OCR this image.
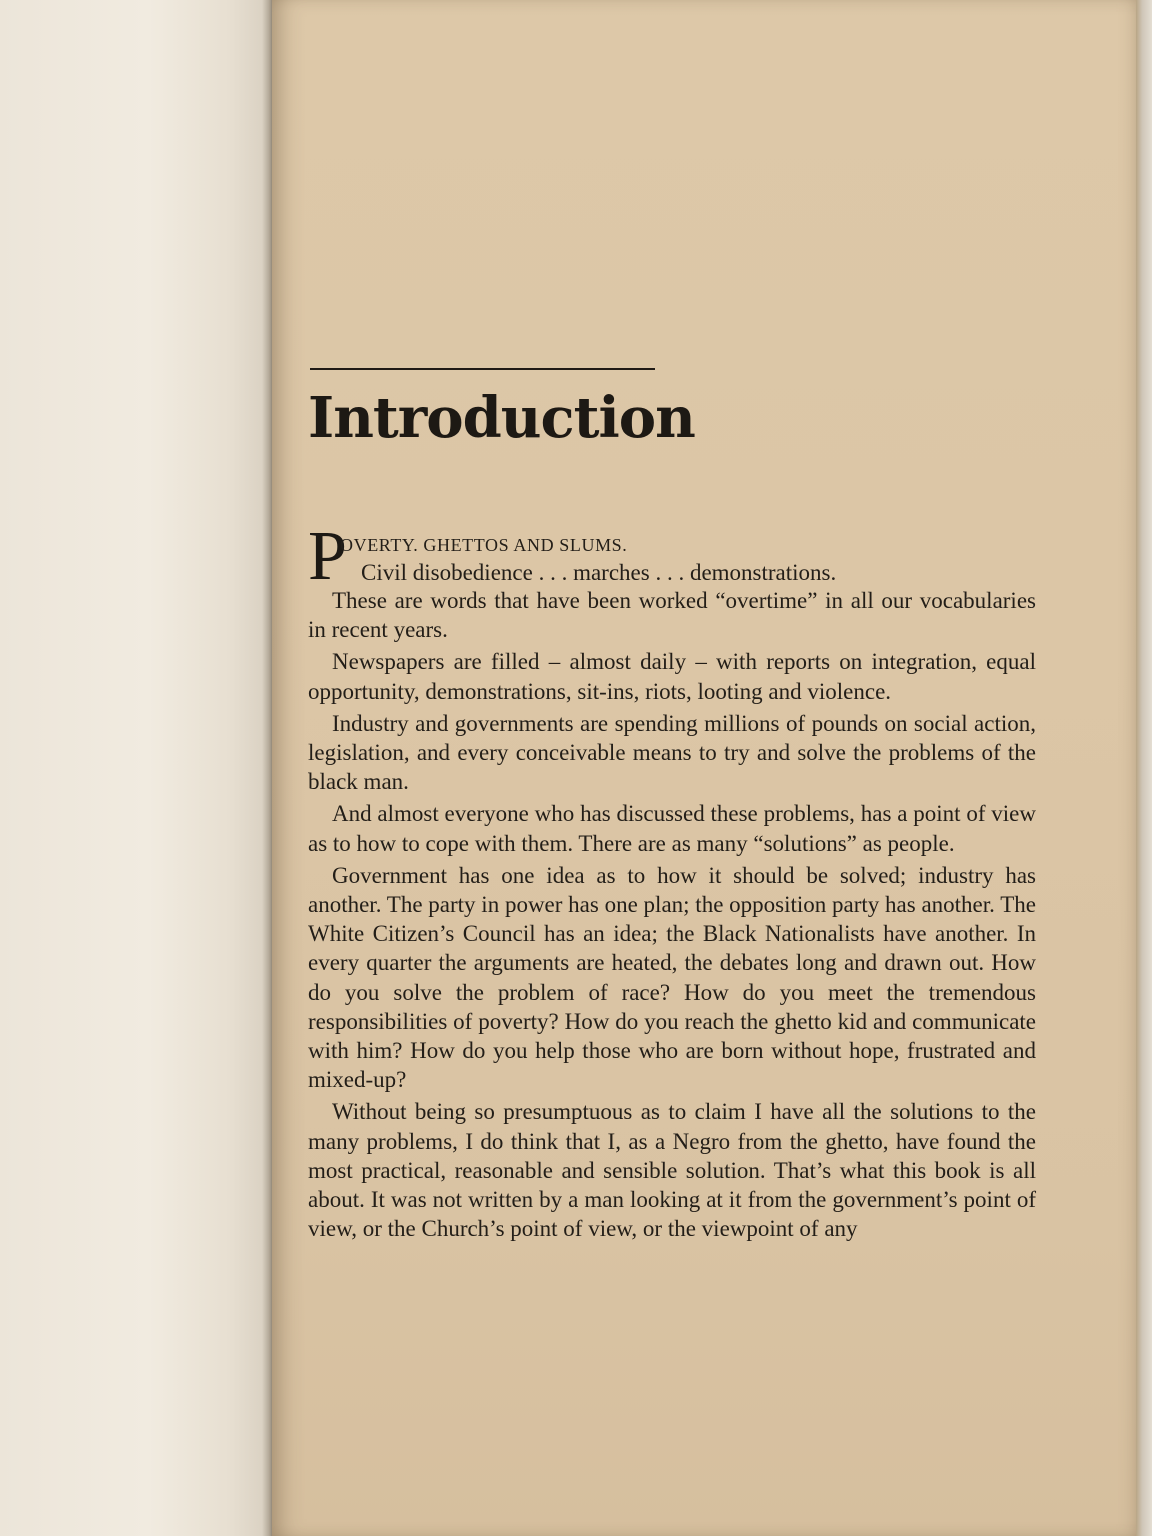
Introduction
P
OVERTY. GHETTOS AND SLUMS.
Civil disobedience . . . marches . . . demonstrations.

These are words that have been worked “overtime” in all our vocabularies in recent years.

Newspapers are filled – almost daily – with reports on integration, equal opportunity, demonstrations, sit-ins, riots, looting and violence.

Industry and governments are spending millions of pounds on social action, legislation, and every conceivable means to try and solve the problems of the black man.

And almost everyone who has discussed these problems, has a point of view as to how to cope with them. There are as many “solutions” as people.

Government has one idea as to how it should be solved; industry has another. The party in power has one plan; the opposition party has another. The White Citizen’s Council has an idea; the Black Nationalists have another. In every quarter the arguments are heated, the debates long and drawn out. How do you solve the problem of race? How do you meet the tremendous responsibilities of poverty? How do you reach the ghetto kid and communicate with him? How do you help those who are born without hope, frustrated and mixed-up?

Without being so presumptuous as to claim I have all the solutions to the many problems, I do think that I, as a Negro from the ghetto, have found the most practical, reasonable and sensible solution. That’s what this book is all about. It was not written by a man looking at it from the government’s point of view, or the Church’s point of view, or the viewpoint of any
